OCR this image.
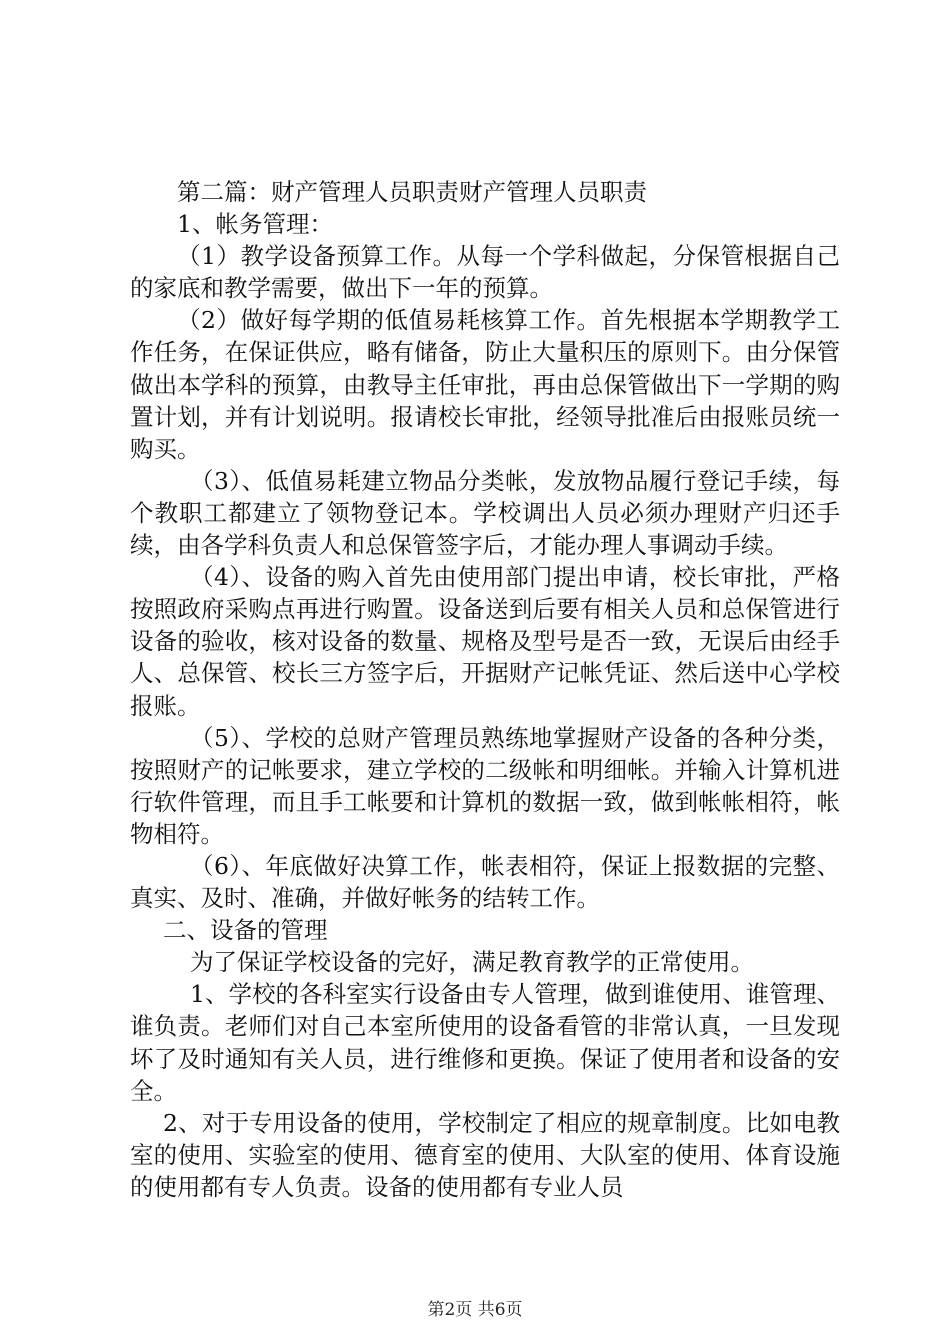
第二篇：财产管理人员职责财产管理人员职责

1、帐务管理：

（1）教学设备预算工作。从每一个学科做起，分保管根据自己的家底和教学需要，做出下一年的预算。

（2）做好每学期的低值易耗核算工作。首先根据本学期教学工作任务，在保证供应，略有储备，防止大量积压的原则下。由分保管做出本学科的预算，由教导主任审批，再由总保管做出下一学期的购置计划，并有计划说明。报请校长审批，经领导批准后由报账员统一购买。

（3）、低值易耗建立物品分类帐，发放物品履行登记手续，每个教职工都建立了领物登记本。学校调出人员必须办理财产归还手续，由各学科负责人和总保管签字后，才能办理人事调动手续。

（4）、设备的购入首先由使用部门提出申请，校长审批，严格按照政府采购点再进行购置。设备送到后要有相关人员和总保管进行设备的验收，核对设备的数量、规格及型号是否一致，无误后由经手人、总保管、校长三方签字后，开据财产记帐凭证、然后送中心学校报账。

（5）、学校的总财产管理员熟练地掌握财产设备的各种分类，按照财产的记帐要求，建立学校的二级帐和明细帐。并输入计算机进行软件管理，而且手工帐要和计算机的数据一致，做到帐帐相符，帐物相符。

（6）、年底做好决算工作，帐表相符，保证上报数据的完整、真实、及时、准确，并做好帐务的结转工作。

二、设备的管理

为了保证学校设备的完好，满足教育教学的正常使用。

1、学校的各科室实行设备由专人管理，做到谁使用、谁管理、谁负责。老师们对自己本室所使用的设备看管的非常认真，一旦发现坏了及时通知有关人员，进行维修和更换。保证了使用者和设备的安全。

2、对于专用设备的使用，学校制定了相应的规章制度。比如电教室的使用、实验室的使用、德育室的使用、大队室的使用、体育设施的使用都有专人负责。设备的使用都有专业人员

第2页 共6页
